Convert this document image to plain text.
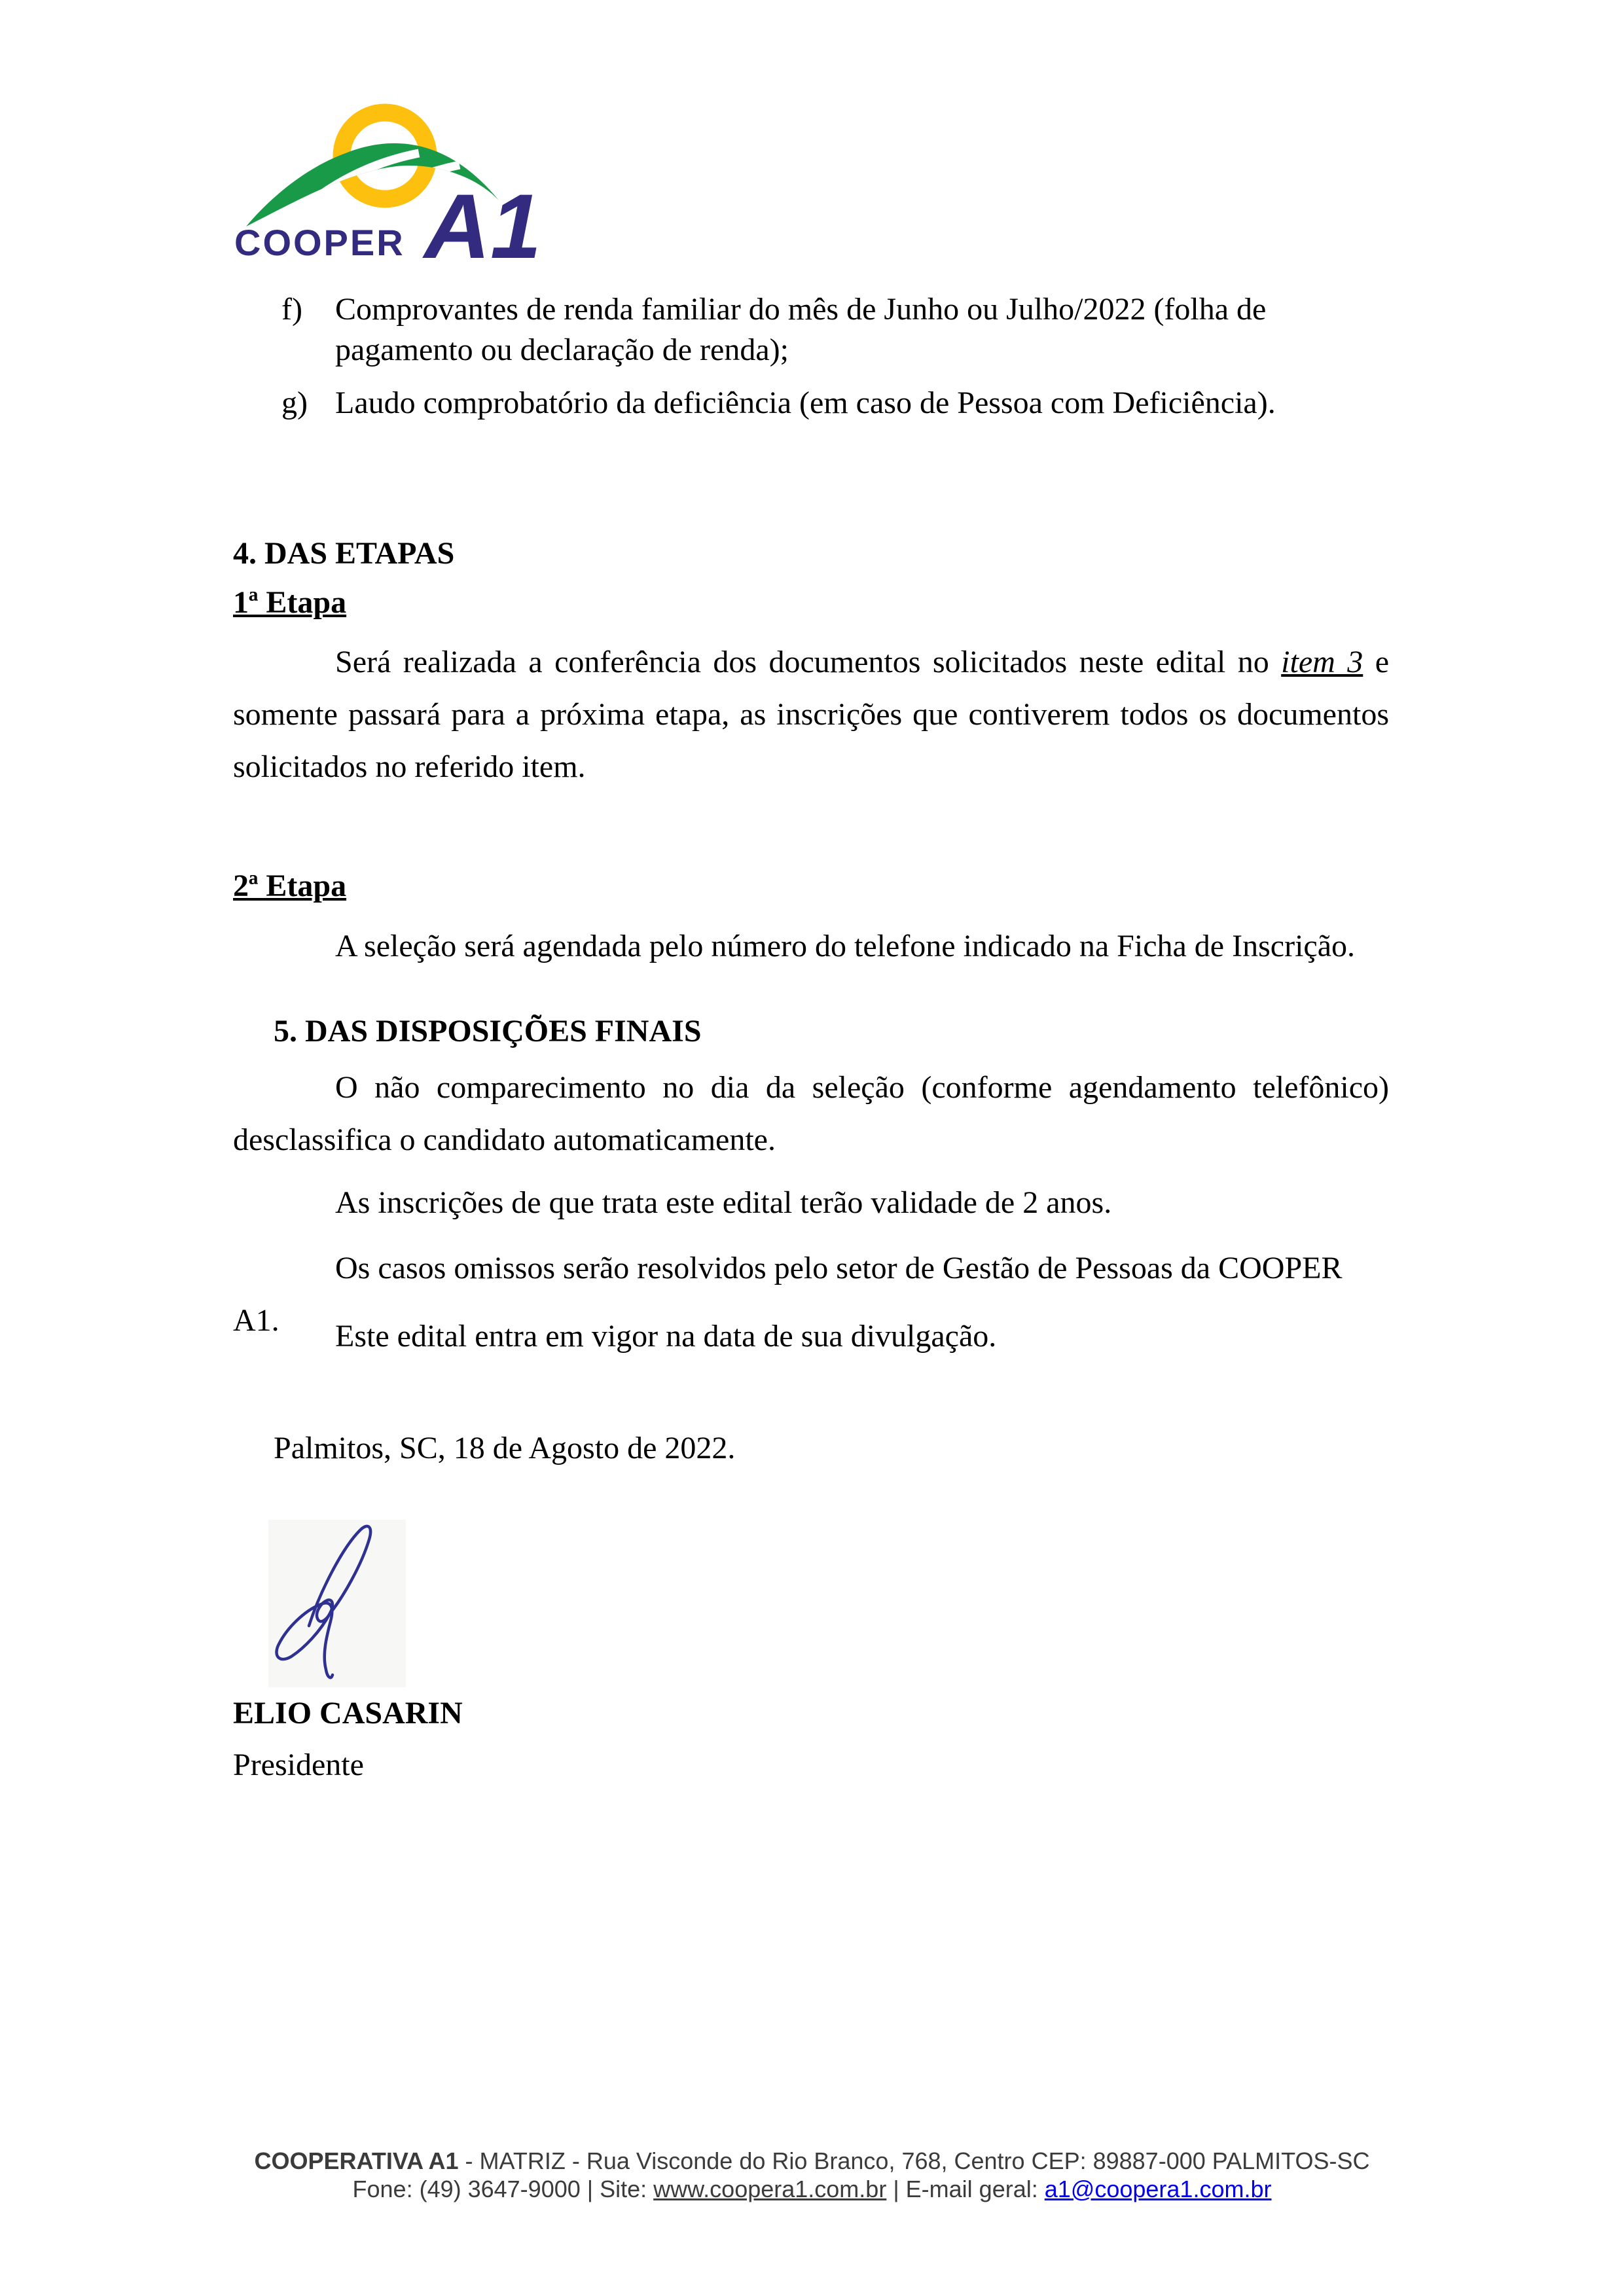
COOPER A1
f)	Comprovantes de renda familiar do mês de Junho ou Julho/2022 (folha de pagamento ou declaração de renda);
g) Laudo comprobatório da deficiência (em caso de Pessoa com Deficiência).
4. DAS ETAPAS
1ª Etapa
Será realizada a conferência dos documentos solicitados neste edital no item 3 e somente passará para a próxima etapa, as inscrições que contiverem todos os documentos solicitados no referido item.
2ª Etapa
A seleção será agendada pelo número do telefone indicado na Ficha de Inscrição.
5. DAS DISPOSIÇÕES FINAIS
O não comparecimento no dia da seleção (conforme agendamento telefônico) desclassifica o candidato automaticamente.
As inscrições de que trata este edital terão validade de 2 anos.
Os casos omissos serão resolvidos pelo setor de Gestão de Pessoas da COOPER A1.	Este edital entra em vigor na data de sua divulgação.
Palmitos, SC, 18 de Agosto de 2022.
ELIO CASARIN
Presidente
COOPERATIVA A1 - MATRIZ - Rua Visconde do Rio Branco, 768, Centro CEP: 89887-000 PALMITOS-SC
Fone: (49) 3647-9000 | Site: www.coopera1.com.br | E-mail geral: a1@coopera1.com.br
